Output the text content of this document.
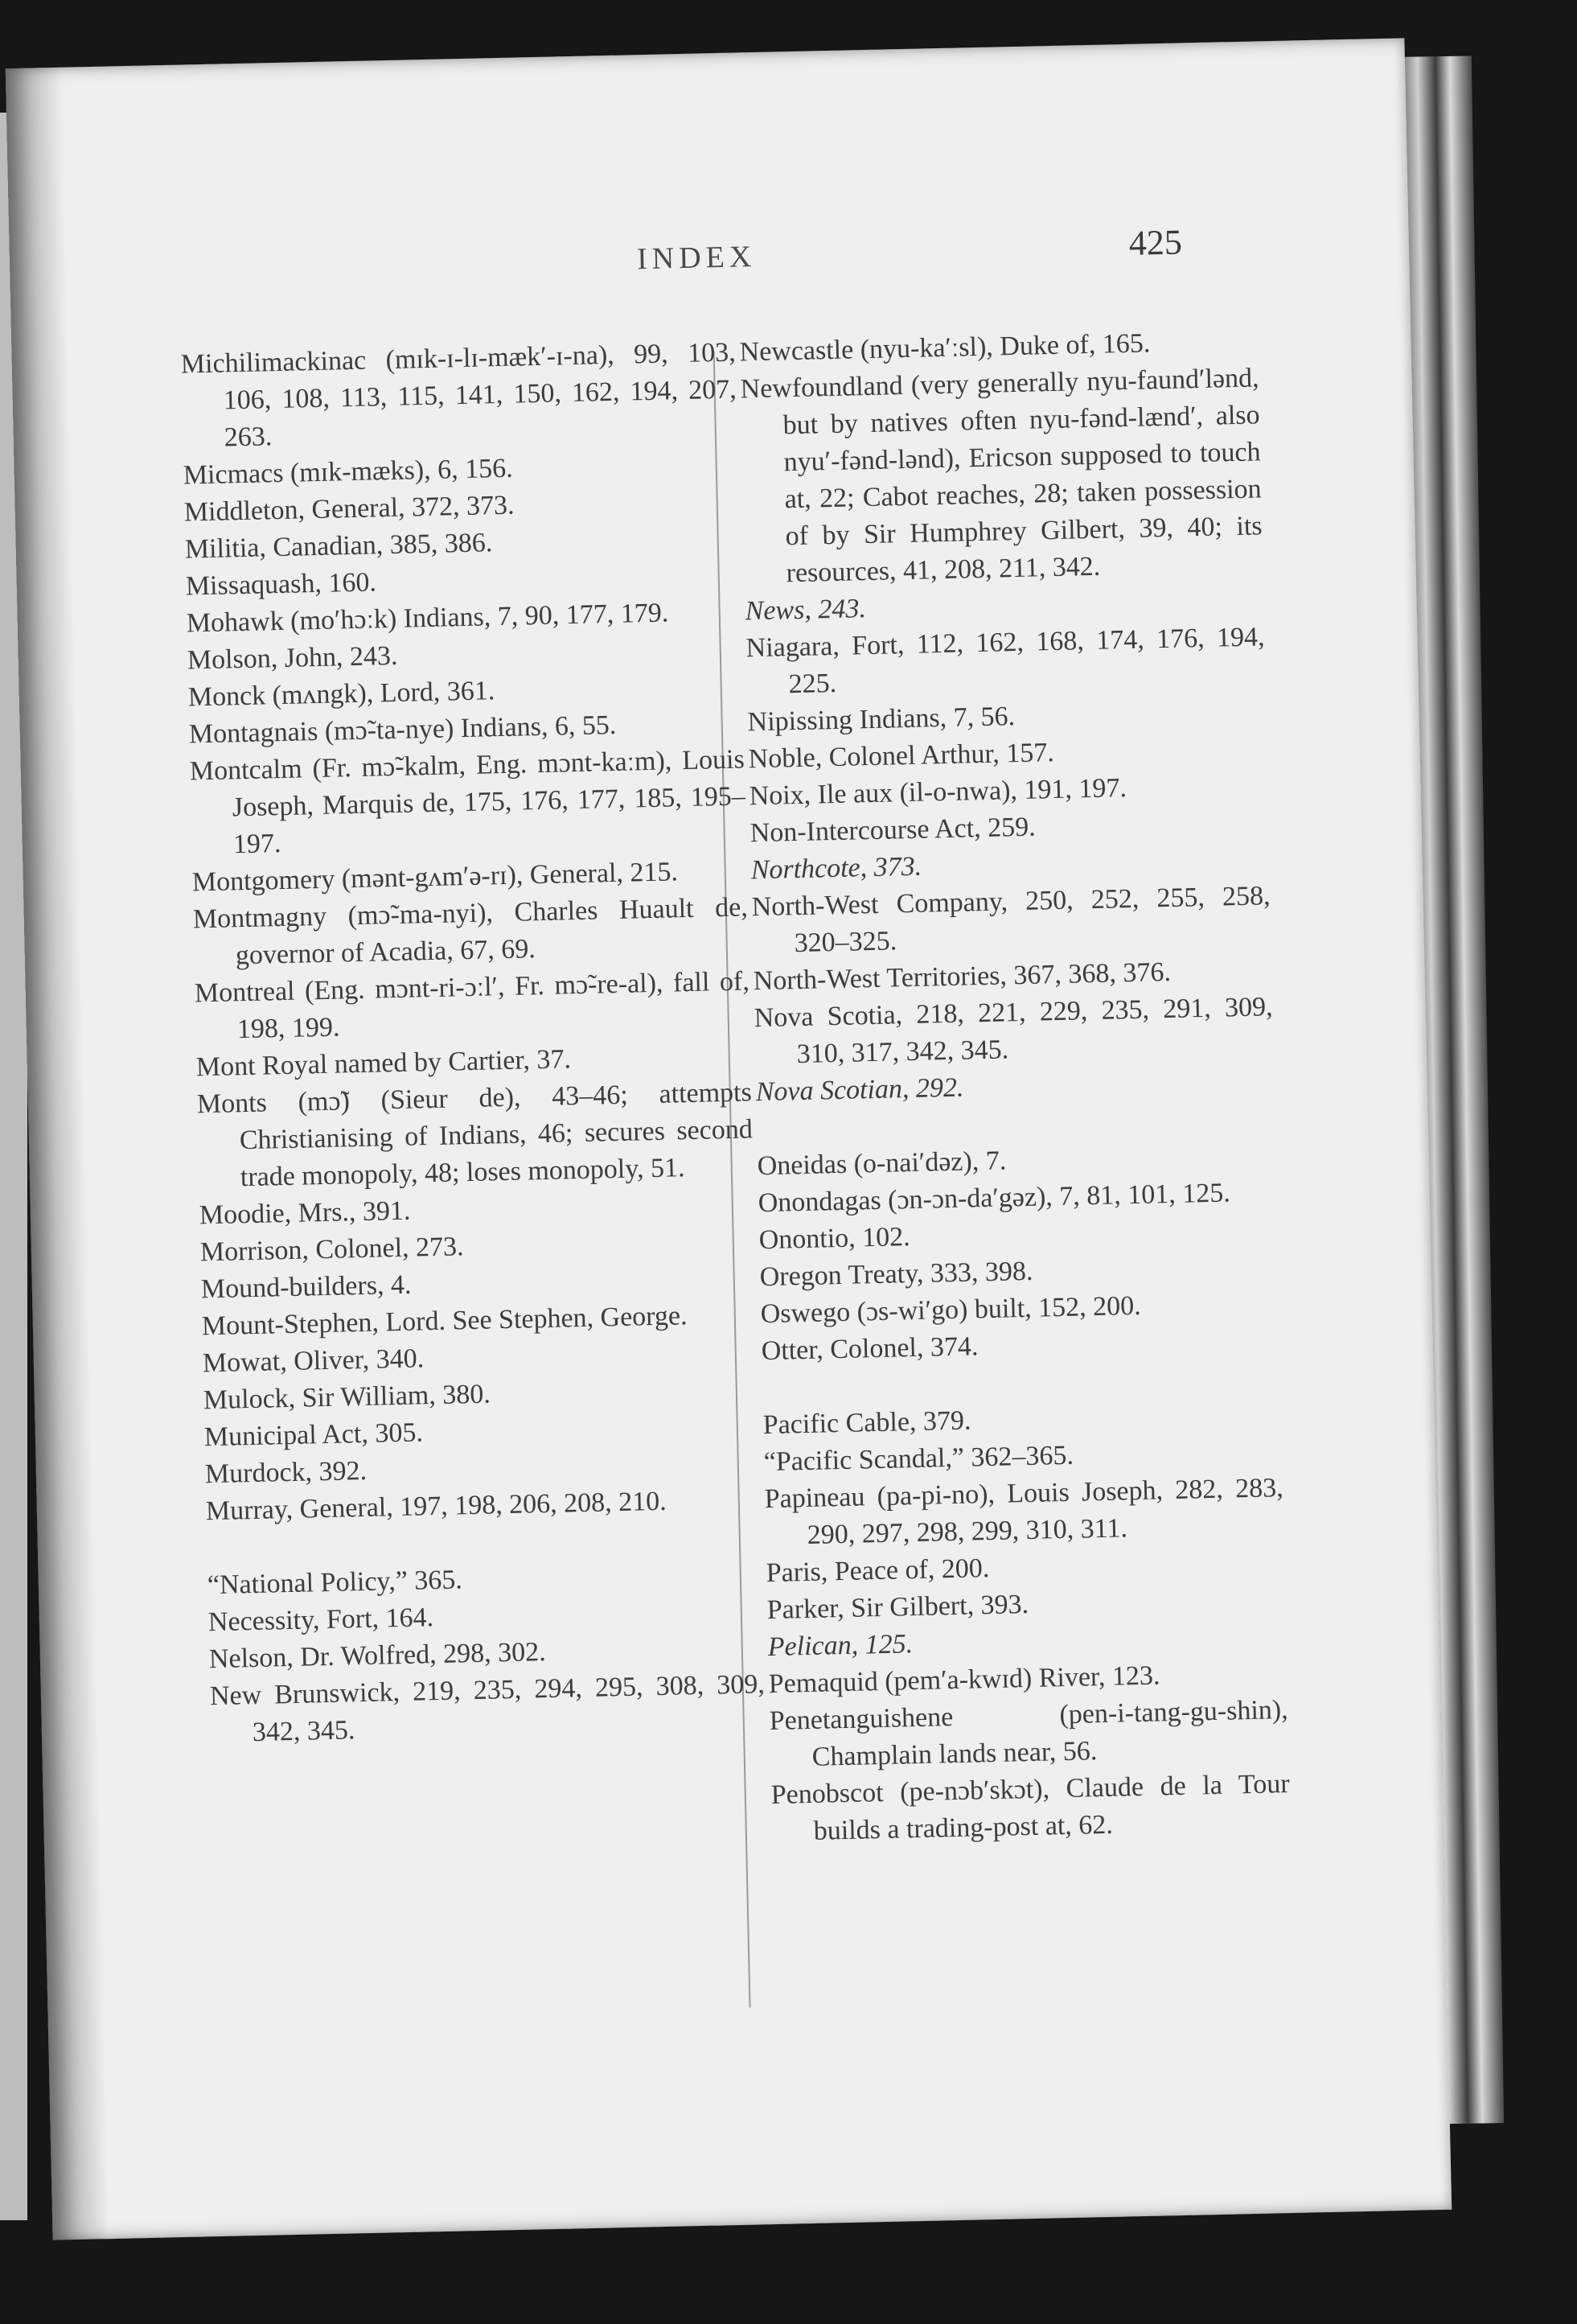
INDEX	425
Michilimackinac (mɪk-ɪ-lɪ-mæk′-ɪ-na), 99, 103, 106, 108, 113, 115, 141, 150, 162, 194, 207, 263.
Micmacs (mɪk-mæks), 6, 156.
Middleton, General, 372, 373.
Militia, Canadian, 385, 386.
Missaquash, 160.
Mohawk (mo′hɔːk) Indians, 7, 90, 177, 179.
Molson, John, 243.
Monck (mʌngk), Lord, 361.
Montagnais (mɔ̃-ta-nye) Indians, 6, 55.
Montcalm (Fr. mɔ̃-kalm, Eng. mɔnt-kaːm), Louis Joseph, Marquis de, 175, 176, 177, 185, 195–197.
Montgomery (mənt-gʌm′ə-rɪ), General, 215.
Montmagny (mɔ̃-ma-nyi), Charles Huault de, governor of Acadia, 67, 69.
Montreal (Eng. mɔnt-ri-ɔːl′, Fr. mɔ̃-re-al), fall of, 198, 199.
Mont Royal named by Cartier, 37.
Monts (mɔ̃) (Sieur de), 43–46; attempts Christianising of Indians, 46; secures second trade monopoly, 48; loses monopoly, 51.
Moodie, Mrs., 391.
Morrison, Colonel, 273.
Mound-builders, 4.
Mount-Stephen, Lord. See Stephen, George.
Mowat, Oliver, 340.
Mulock, Sir William, 380.
Municipal Act, 305.
Murdock, 392.
Murray, General, 197, 198, 206, 208, 210.
“National Policy,” 365.
Necessity, Fort, 164.
Nelson, Dr. Wolfred, 298, 302.
New Brunswick, 219, 235, 294, 295, 308, 309, 342, 345.
Newcastle (nyu-ka′ːsl), Duke of, 165.
Newfoundland (very generally nyu-faund′lənd, but by natives often nyu-fənd-lænd′, also nyu′-fənd-lənd), Ericson supposed to touch at, 22; Cabot reaches, 28; taken possession of by Sir Humphrey Gilbert, 39, 40; its resources, 41, 208, 211, 342.
News, 243.
Niagara, Fort, 112, 162, 168, 174, 176, 194, 225.
Nipissing Indians, 7, 56.
Noble, Colonel Arthur, 157.
Noix, Ile aux (il-o-nwa), 191, 197.
Non-Intercourse Act, 259.
Northcote, 373.
North-West Company, 250, 252, 255, 258, 320–325.
North-West Territories, 367, 368, 376.
Nova Scotia, 218, 221, 229, 235, 291, 309, 310, 317, 342, 345.
Nova Scotian, 292.
Oneidas (o-nai′dəz), 7.
Onondagas (ɔn-ɔn-da′gəz), 7, 81, 101, 125.
Onontio, 102.
Oregon Treaty, 333, 398.
Oswego (ɔs-wi′go) built, 152, 200.
Otter, Colonel, 374.
Pacific Cable, 379.
“Pacific Scandal,” 362–365.
Papineau (pa-pi-no), Louis Joseph, 282, 283, 290, 297, 298, 299, 310, 311.
Paris, Peace of, 200.
Parker, Sir Gilbert, 393.
Pelican, 125.
Pemaquid (pem′a-kwɪd) River, 123.
Penetanguishene (pen-i-tang-gu-shin), Champlain lands near, 56.
Penobscot (pe-nɔb′skɔt), Claude de la Tour builds a trading-post at, 62.
